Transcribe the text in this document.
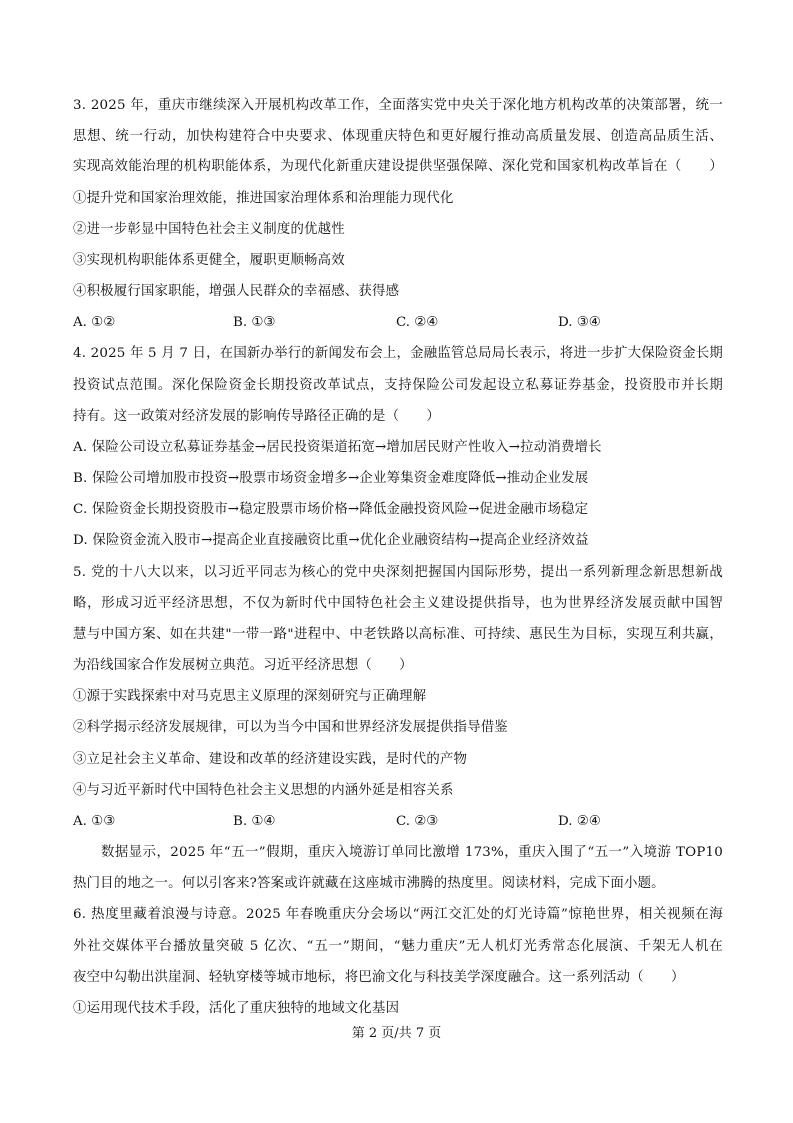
3. 2025 年，重庆市继续深入开展机构改革工作，全面落实党中央关于深化地方机构改革的决策部署，统一
思想、统一行动，加快构建符合中央要求、体现重庆特色和更好履行推动高质量发展、创造高品质生活、
实现高效能治理的机构职能体系，为现代化新重庆建设提供坚强保障、深化党和国家机构改革旨在（　　）
①提升党和国家治理效能，推进国家治理体系和治理能力现代化
②进一步彰显中国特色社会主义制度的优越性
③实现机构职能体系更健全，履职更顺畅高效
④积极履行国家职能，增强人民群众的幸福感、获得感
A. ①②	B. ①③	C. ②④	D. ③④
4. 2025 年 5 月 7 日，在国新办举行的新闻发布会上，金融监管总局局长表示，将进一步扩大保险资金长期
投资试点范围。深化保险资金长期投资改革试点，支持保险公司发起设立私募证券基金，投资股市并长期
持有。这一政策对经济发展的影响传导路径正确的是（　　）
A. 保险公司设立私募证券基金→居民投资渠道拓宽→增加居民财产性收入→拉动消费增长
B. 保险公司增加股市投资→股票市场资金增多→企业筹集资金难度降低→推动企业发展
C. 保险资金长期投资股市→稳定股票市场价格→降低金融投资风险→促进金融市场稳定
D. 保险资金流入股市→提高企业直接融资比重→优化企业融资结构→提高企业经济效益
5. 党的十八大以来，以习近平同志为核心的党中央深刻把握国内国际形势，提出一系列新理念新思想新战
略，形成习近平经济思想，不仅为新时代中国特色社会主义建设提供指导，也为世界经济发展贡献中国智
慧与中国方案、如在共建"一带一路"进程中、中老铁路以高标准、可持续、惠民生为目标，实现互利共赢，
为沿线国家合作发展树立典范。习近平经济思想（　　）
①源于实践探索中对马克思主义原理的深刻研究与正确理解
②科学揭示经济发展规律，可以为当今中国和世界经济发展提供指导借鉴
③立足社会主义革命、建设和改革的经济建设实践，是时代的产物
④与习近平新时代中国特色社会主义思想的内涵外延是相容关系
A. ①③	B. ①④	C. ②③	D. ②④
数据显示，2025 年“五一”假期，重庆入境游订单同比激增 173%，重庆入围了“五一”入境游 TOP10
热门目的地之一。何以引客来?答案或许就藏在这座城市沸腾的热度里。阅读材料，完成下面小题。
6. 热度里藏着浪漫与诗意。2025 年春晚重庆分会场以“两江交汇处的灯光诗篇”惊艳世界，相关视频在海
外社交媒体平台播放量突破 5 亿次、“五一”期间，“魅力重庆”无人机灯光秀常态化展演、千架无人机在
夜空中勾勒出洪崖洞、轻轨穿楼等城市地标，将巴渝文化与科技美学深度融合。这一系列活动（　　）
①运用现代技术手段，活化了重庆独特的地域文化基因
第 2 页/共 7 页
